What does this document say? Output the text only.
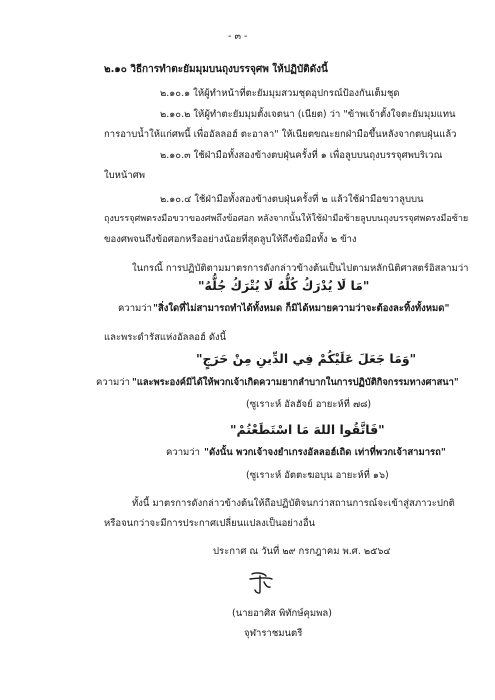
- ๓ -
๒.๑๐ วิธีการทำตะยัมมุมบนถุงบรรจุศพ ให้ปฏิบัติดังนี้
๒.๑๐.๑ ให้ผู้ทำหน้าที่ตะยัมมุมสวมชุดอุปกรณ์ป้องกันเต็มชุด
๒.๑๐.๒ ให้ผู้ทำตะยัมมุมตั้งเจตนา (เนียต) ว่า "ข้าพเจ้าตั้งใจตะยัมมุมแทน
การอาบน้ำให้แก่ศพนี้ เพื่ออัลลอฮ์ ตะอาลา" ให้เนียตขณะยกฝ่ามือขึ้นหลังจากตบฝุ่นแล้ว
๒.๑๐.๓ ใช้ฝ่ามือทั้งสองข้างตบฝุ่นครั้งที่ ๑ เพื่อลูบบนถุงบรรจุศพบริเวณ
ใบหน้าศพ
๒.๑๐.๔ ใช้ฝ่ามือทั้งสองข้างตบฝุ่นครั้งที่ ๒ แล้วใช้ฝ่ามือขวาลูบบน
ถุงบรรจุศพตรงมือขวาของศพถึงข้อศอก หลังจากนั้นให้ใช้ฝ่ามือซ้ายลูบบนถุงบรรจุศพตรงมือซ้าย
ของศพจนถึงข้อศอกหรืออย่างน้อยที่สุดลูบให้ถึงข้อมือทั้ง ๒ ข้าง
ในกรณี้ การปฏิบัติตามมาตรการดังกล่าวข้างต้นเป็นไปตามหลักนิติศาสตร์อิสลามว่า
"مَا لَا يُدْرَكُ كُلُّهُ لَا يُتْرَكُ جُلُّهُ"
ความว่า "สิ่งใดที่ไม่สามารถทำได้ทั้งหมด ก็มิได้หมายความว่าจะต้องละทิ้งทั้งหมด"
และพระดำรัสแห่งอัลลอฮ์ ดังนี้
"وَمَا جَعَلَ عَلَيْكُمْ فِي الدِّينِ مِنْ حَرَجٍ"
ความว่า "และพระองค์มิได้ให้พวกเจ้าเกิดความยากลำบากในการปฏิบัติกิจกรรมทางศาสนา"
(ซูเราะห์ อัลฮัจย์ อายะห์ที่ ๗๘)
"فَاتَّقُوا اللهَ مَا اسْتَطَعْتُمْ"
ความว่า "ดังนั้น พวกเจ้าจงยำเกรงอัลลอฮ์เถิด เท่าที่พวกเจ้าสามารถ"
(ซูเราะห์ อัตตะฆอบุน อายะห์ที่ ๑๖)
ทั้งนี้ มาตรการดังกล่าวข้างต้นให้ถือปฏิบัติจนกว่าสถานการณ์จะเข้าสู่สภาวะปกติ
หรือจนกว่าจะมีการประกาศเปลี่ยนแปลงเป็นอย่างอื่น
ประกาศ ณ วันที่ ๒๙ กรกฎาคม พ.ศ. ๒๕๖๔
(นายอาศิส พิทักษ์คุมพล)
จุฬาราชมนตรี
